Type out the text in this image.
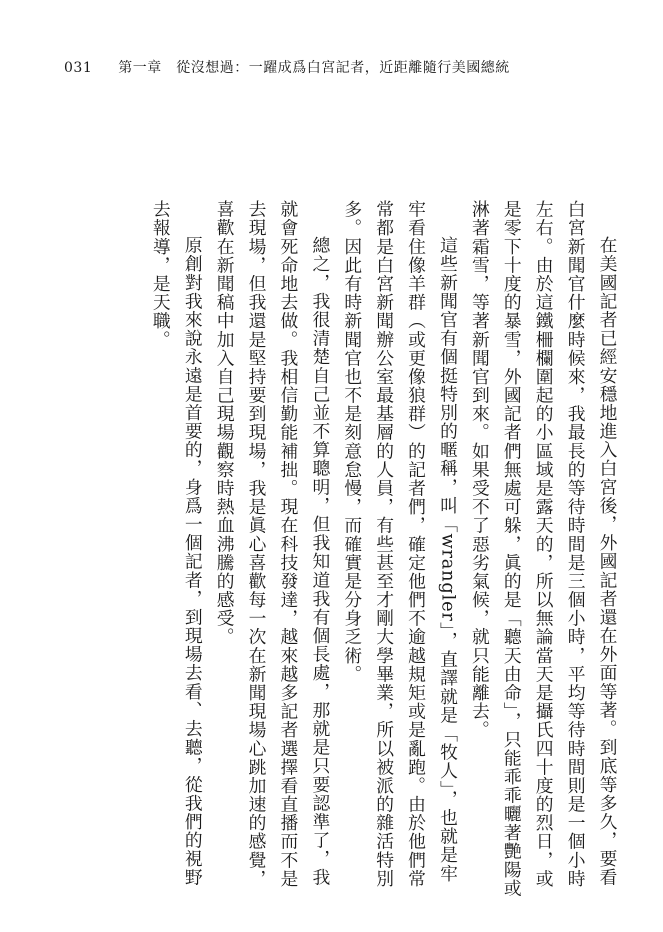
031 第一章　從沒想過：一躍成爲白宮記者，近距離隨行美國總統

在美國記者已經安穩地進入白宮後，外國記者還在外面等著。到底等多久，要看白宮新聞官什麼時候來，我最長的等待時間是三個小時，平均等待時間則是一個小時左右。由於這鐵柵欄圍起的小區域是露天的，所以無論當天是攝氏四十度的烈日，或是零下十度的暴雪，外國記者們無處可躲，眞的是「聽天由命」，只能乖乖曬著艷陽或淋著霜雪，等著新聞官到來。如果受不了惡劣氣候，就只能離去。

這些新聞官有個挺特別的暱稱，叫「wrangler」，直譯就是「牧人」，也就是牢牢看住像羊群（或更像狼群）的記者們，確定他們不逾越規矩或是亂跑。由於他們常常都是白宮新聞辦公室最基層的人員，有些甚至才剛大學畢業，所以被派的雜活特別多。因此有時新聞官也不是刻意怠慢，而確實是分身乏術。

總之，我很清楚自己並不算聰明，但我知道我有個長處，那就是只要認準了，我就會死命地去做。我相信勤能補拙。現在科技發達，越來越多記者選擇看直播而不是去現場，但我還是堅持要到現場，我是眞心喜歡每一次在新聞現場心跳加速的感覺，喜歡在新聞稿中加入自己現場觀察時熱血沸騰的感受。

原創對我來說永遠是首要的，身爲一個記者，到現場去看、去聽，從我們的視野去報導，是天職。
